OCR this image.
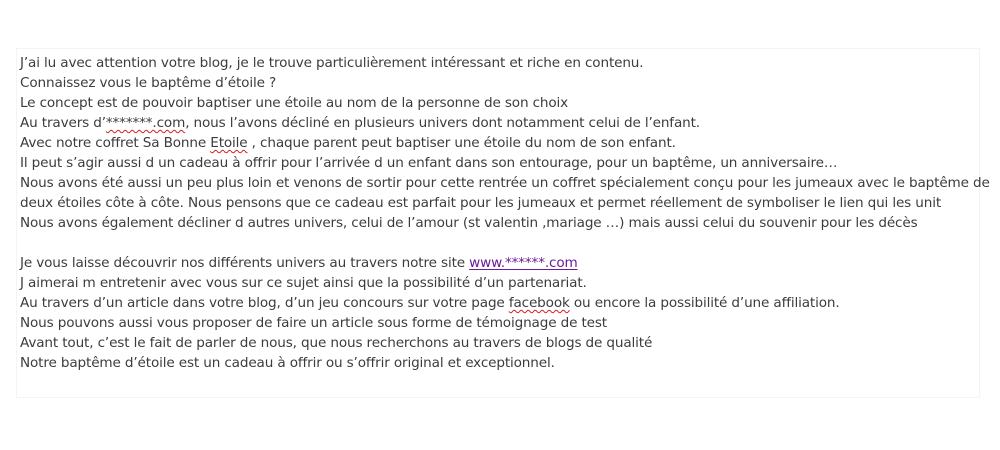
J’ai lu avec attention votre blog, je le trouve particulièrement intéressant et riche en contenu.
Connaissez vous le baptême d’étoile ?
Le concept est de pouvoir baptiser une étoile au nom de la personne de son choix
Au travers d’*******.com, nous l’avons décliné en plusieurs univers dont notamment celui de l’enfant.
Avec notre coffret Sa Bonne Etoile , chaque parent peut baptiser une étoile du nom de son enfant.
Il peut s’agir aussi d un cadeau à offrir pour l’arrivée d un enfant dans son entourage, pour un baptême, un anniversaire…
Nous avons été aussi un peu plus loin et venons de sortir pour cette rentrée un coffret spécialement conçu pour les jumeaux avec le baptême de
deux étoiles côte à côte. Nous pensons que ce cadeau est parfait pour les jumeaux et permet réellement de symboliser le lien qui les unit
Nous avons également décliner d autres univers, celui de l’amour (st valentin ,mariage …) mais aussi celui du souvenir pour les décès
Je vous laisse découvrir nos différents univers au travers notre site www.******.com
J aimerai m entretenir avec vous sur ce sujet ainsi que la possibilité d’un partenariat.
Au travers d’un article dans votre blog, d’un jeu concours sur votre page facebook ou encore la possibilité d’une affiliation.
Nous pouvons aussi vous proposer de faire un article sous forme de témoignage de test
Avant tout, c’est le fait de parler de nous, que nous recherchons au travers de blogs de qualité
Notre baptême d’étoile est un cadeau à offrir ou s’offrir original et exceptionnel.
